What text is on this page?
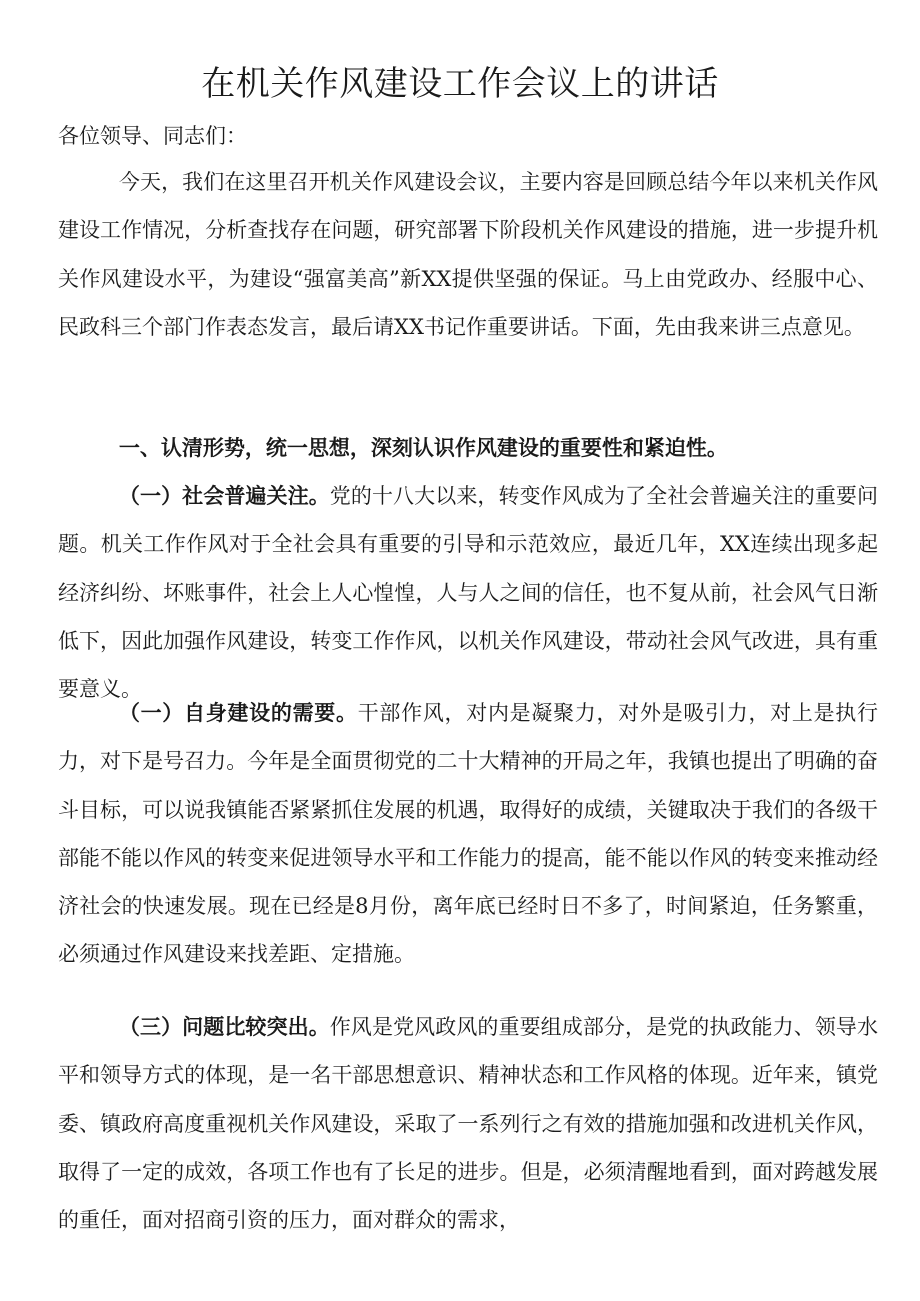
在机关作风建设工作会议上的讲话
各位领导、同志们：

今天，我们在这里召开机关作风建设会议，主要内容是回顾总结今年以来机关作风建设工作情况，分析查找存在问题，研究部署下阶段机关作风建设的措施，进一步提升机关作风建设水平，为建设“强富美高”新XX提供坚强的保证。马上由党政办、经服中心、民政科三个部门作表态发言，最后请XX书记作重要讲话。下面，先由我来讲三点意见。

一、认清形势，统一思想，深刻认识作风建设的重要性和紧迫性。

（一）社会普遍关注。党的十八大以来，转变作风成为了全社会普遍关注的重要问题。机关工作作风对于全社会具有重要的引导和示范效应，最近几年，XX连续出现多起经济纠纷、坏账事件，社会上人心惶惶，人与人之间的信任，也不复从前，社会风气日渐低下，因此加强作风建设，转变工作作风，以机关作风建设，带动社会风气改进，具有重要意义。

（一）自身建设的需要。干部作风，对内是凝聚力，对外是吸引力，对上是执行力，对下是号召力。今年是全面贯彻党的二十大精神的开局之年，我镇也提出了明确的奋斗目标，可以说我镇能否紧紧抓住发展的机遇，取得好的成绩，关键取决于我们的各级干部能不能以作风的转变来促进领导水平和工作能力的提高，能不能以作风的转变来推动经济社会的快速发展。现在已经是8月份，离年底已经时日不多了，时间紧迫，任务繁重，必须通过作风建设来找差距、定措施。

（三）问题比较突出。作风是党风政风的重要组成部分，是党的执政能力、领导水平和领导方式的体现，是一名干部思想意识、精神状态和工作风格的体现。近年来，镇党委、镇政府高度重视机关作风建设，采取了一系列行之有效的措施加强和改进机关作风，取得了一定的成效，各项工作也有了长足的进步。但是，必须清醒地看到，面对跨越发展的重任，面对招商引资的压力，面对群众的需求，
